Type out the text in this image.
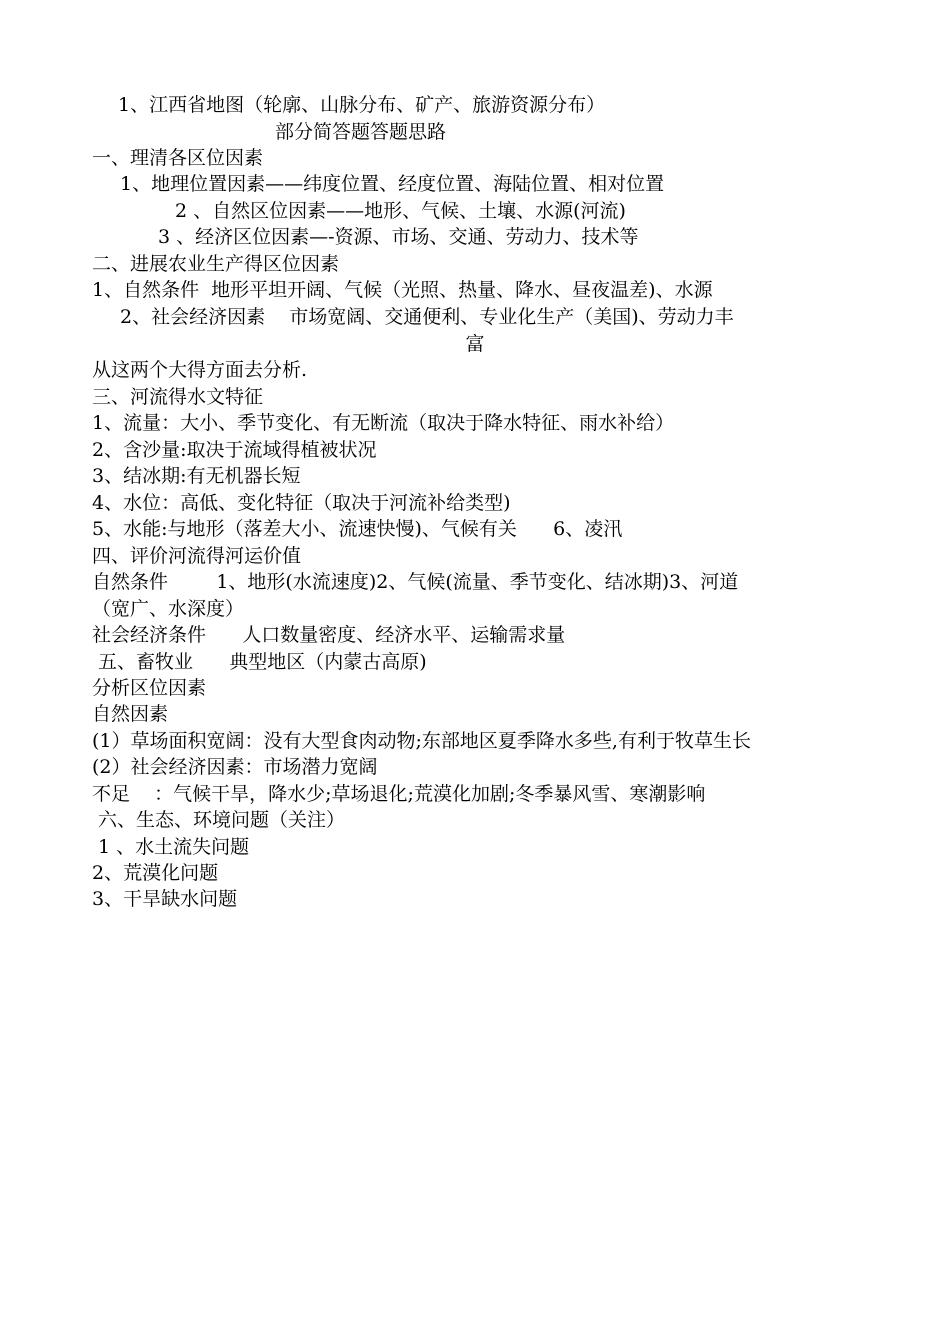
1、江西省地图（轮廓、山脉分布、矿产、旅游资源分布）
部分简答题答题思路
一、理清各区位因素
1、地理位置因素——纬度位置、经度位置、海陆位置、相对位置
2 、自然区位因素——地形、气候、土壤、水源(河流)
3 、经济区位因素—-资源、市场、交通、劳动力、技术等
二、进展农业生产得区位因素
1、自然条件  地形平坦开阔、气候（光照、热量、降水、昼夜温差)、水源
2、社会经济因素    市场宽阔、交通便利、专业化生产（美国)、劳动力丰
富
从这两个大得方面去分析.
三、河流得水文特征
1、流量：大小、季节变化、有无断流（取决于降水特征、雨水补给）
2、含沙量:取决于流域得植被状况
3、结冰期:有无机器长短
4、水位：高低、变化特征（取决于河流补给类型)
5、水能:与地形（落差大小、流速快慢)、气候有关      6、凌汛
四、评价河流得河运价值
自然条件        1、地形(水流速度)2、气候(流量、季节变化、结冰期)3、河道
（宽广、水深度）
社会经济条件      人口数量密度、经济水平、运输需求量
五、畜牧业      典型地区（内蒙古高原)
分析区位因素
自然因素
(1）草场面积宽阔：没有大型食肉动物;东部地区夏季降水多些,有利于牧草生长
(2）社会经济因素：市场潜力宽阔
不足    ：气候干旱，降水少;草场退化;荒漠化加剧;冬季暴风雪、寒潮影响
六、生态、环境问题（关注）
1 、水土流失问题
2、荒漠化问题
3、干旱缺水问题
